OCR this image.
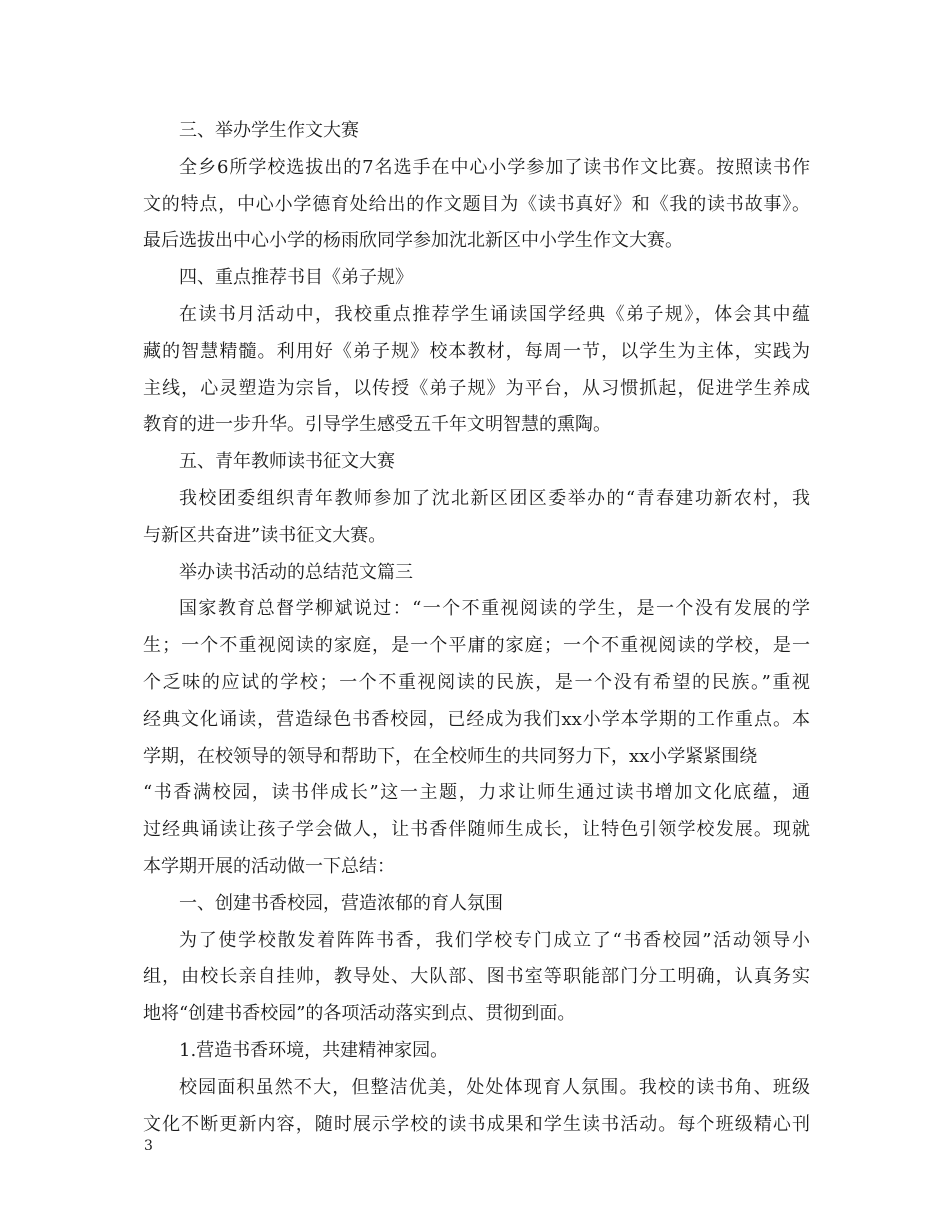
三、举办学生作文大赛
全乡6所学校选拔出的7名选手在中心小学参加了读书作文比赛。按照读书作
文的特点，中心小学德育处给出的作文题目为《读书真好》和《我的读书故事》。
最后选拔出中心小学的杨雨欣同学参加沈北新区中小学生作文大赛。
四、重点推荐书目《弟子规》
在读书月活动中，我校重点推荐学生诵读国学经典《弟子规》，体会其中蕴
藏的智慧精髓。利用好《弟子规》校本教材，每周一节，以学生为主体，实践为
主线，心灵塑造为宗旨，以传授《弟子规》为平台，从习惯抓起，促进学生养成
教育的进一步升华。引导学生感受五千年文明智慧的熏陶。
五、青年教师读书征文大赛
我校团委组织青年教师参加了沈北新区团区委举办的“青春建功新农村，我
与新区共奋进”读书征文大赛。
举办读书活动的总结范文篇三
国家教育总督学柳斌说过：“一个不重视阅读的学生，是一个没有发展的学
生；一个不重视阅读的家庭，是一个平庸的家庭；一个不重视阅读的学校，是一
个乏味的应试的学校；一个不重视阅读的民族，是一个没有希望的民族。”重视
经典文化诵读，营造绿色书香校园，已经成为我们xx小学本学期的工作重点。本
学期，在校领导的领导和帮助下，在全校师生的共同努力下，xx小学紧紧围绕
“书香满校园，读书伴成长”这一主题，力求让师生通过读书增加文化底蕴，通
过经典诵读让孩子学会做人，让书香伴随师生成长，让特色引领学校发展。现就
本学期开展的活动做一下总结：
一、创建书香校园，营造浓郁的育人氛围
为了使学校散发着阵阵书香，我们学校专门成立了“书香校园”活动领导小
组，由校长亲自挂帅，教导处、大队部、图书室等职能部门分工明确，认真务实
地将“创建书香校园”的各项活动落实到点、贯彻到面。
1.营造书香环境，共建精神家园。
校园面积虽然不大，但整洁优美，处处体现育人氛围。我校的读书角、班级
文化不断更新内容，随时展示学校的读书成果和学生读书活动。每个班级精心刊
3
